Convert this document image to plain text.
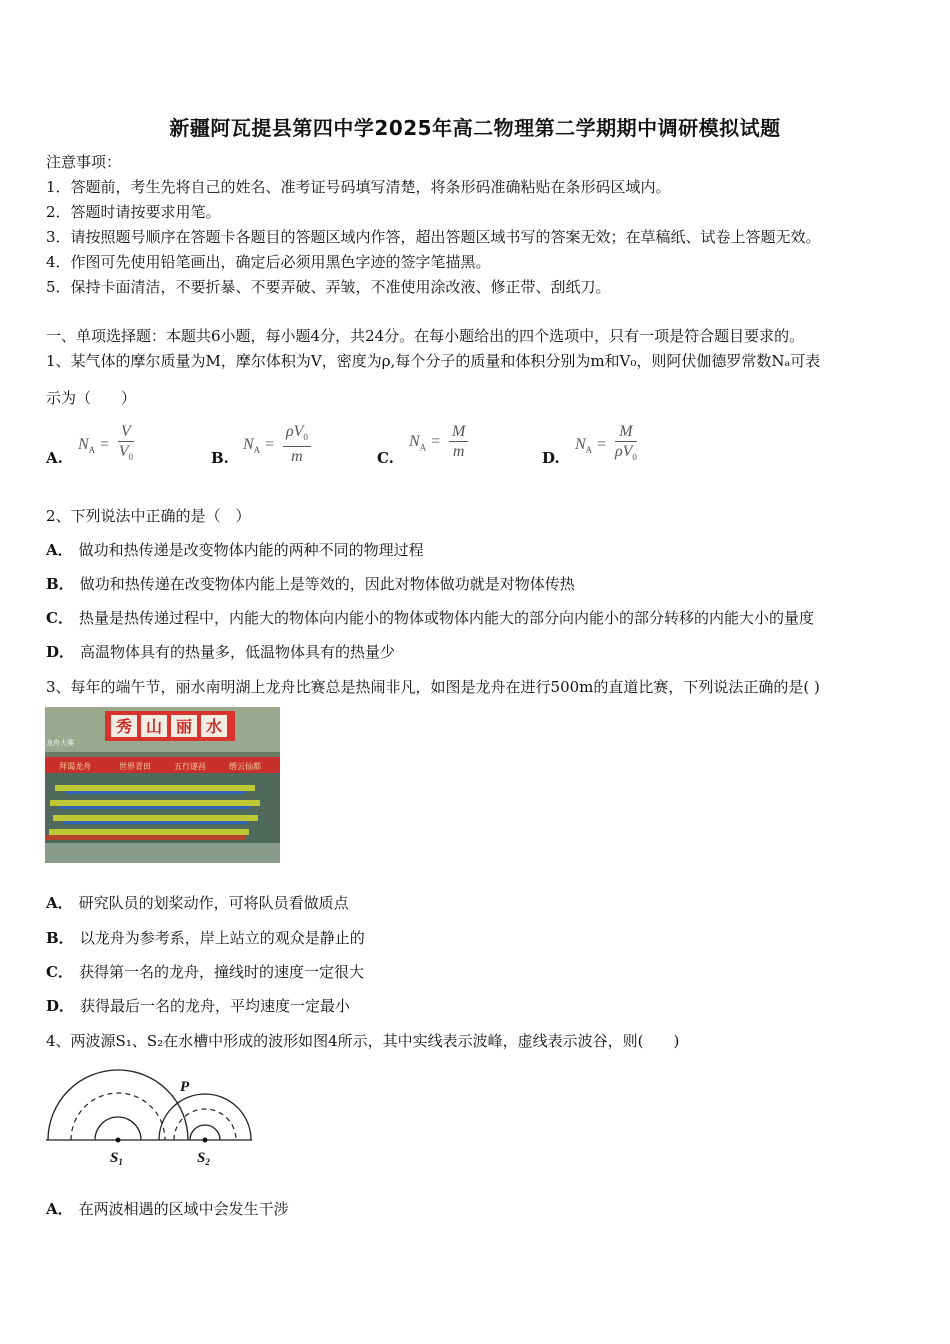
新疆阿瓦提县第四中学2025年高二物理第二学期期中调研模拟试题
注意事项：
1．答题前，考生先将自己的姓名、准考证号码填写清楚，将条形码准确粘贴在条形码区域内。
2．答题时请按要求用笔。
3．请按照题号顺序在答题卡各题目的答题区域内作答，超出答题区域书写的答案无效；在草稿纸、试卷上答题无效。
4．作图可先使用铅笔画出，确定后必须用黑色字迹的签字笔描黑。
5．保持卡面清洁，不要折暴、不要弄破、弄皱，不准使用涂改液、修正带、刮纸刀。
一、单项选择题：本题共6小题，每小题4分，共24分。在每小题给出的四个选项中，只有一项是符合题目要求的。
1、某气体的摩尔质量为M，摩尔体积为V，密度为ρ,每个分子的质量和体积分别为m和V₀，则阿伏伽德罗常数Nₐ可表
示为（　　）
A.
$N_A = \frac{V}{V_0}$	B.
$N_A = \frac{\rho V_0}{m}$	C.
$N_A = \frac{M}{m}$	D.
$N_A = \frac{M}{\rho V_0}$
2、下列说法中正确的是（　）
A． 做功和热传递是改变物体内能的两种不同的物理过程
B． 做功和热传递在改变物体内能上是等效的，因此对物体做功就是对物体传热
C． 热量是热传递过程中，内能大的物体向内能小的物体或物体内能大的部分向内能小的部分转移的内能大小的量度
D． 高温物体具有的热量多，低温物体具有的热量少
3、每年的端午节，丽水南明湖上龙舟比赛总是热闹非凡，如图是龙舟在进行500m的直道比赛，下列说法正确的是( )
秀 山 丽 水
龙舟大赛
拜谒龙舟	世界青田	五行遂昌	缙云仙都
A． 研究队员的划桨动作，可将队员看做质点
B． 以龙舟为参考系，岸上站立的观众是静止的
C． 获得第一名的龙舟，撞线时的速度一定很大
D． 获得最后一名的龙舟，平均速度一定最小
4、两波源S₁、S₂在水槽中形成的波形如图4所示，其中实线表示波峰，虚线表示波谷，则(　　)
P
$S_1$	$S_2$
A． 在两波相遇的区域中会发生干涉
